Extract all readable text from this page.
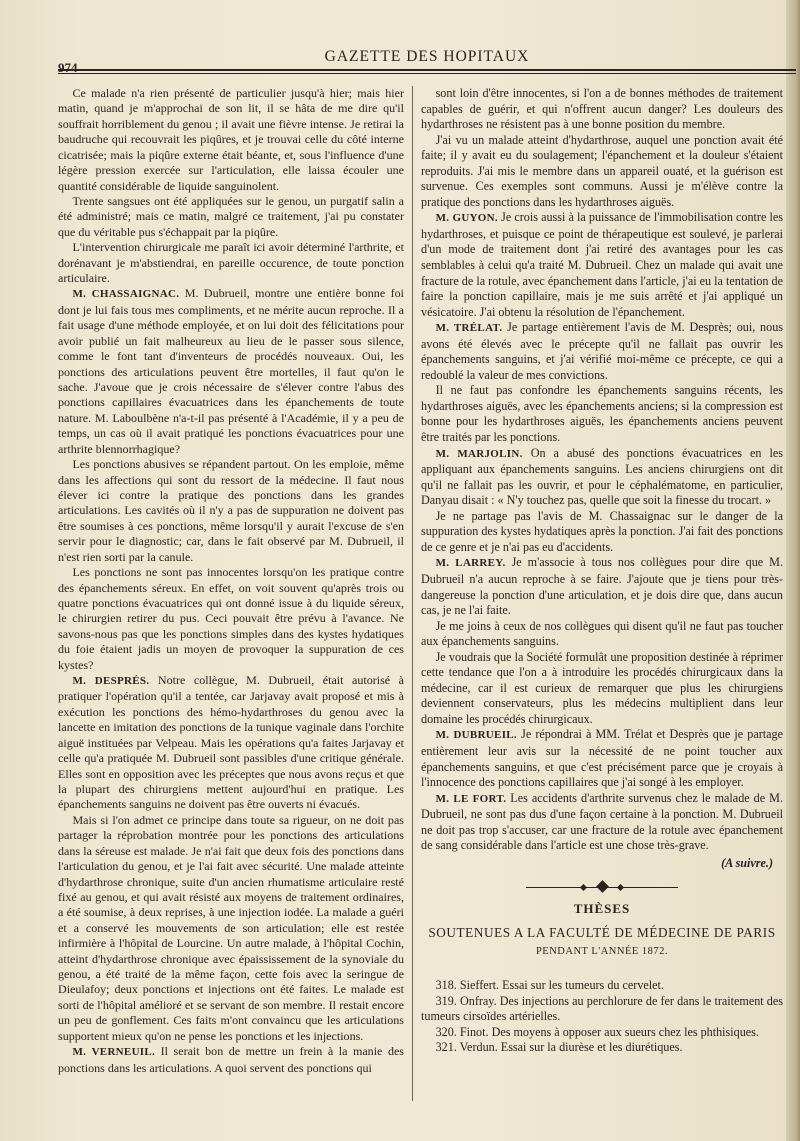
974
GAZETTE DES HOPITAUX

Ce malade n'a rien présenté de particulier jusqu'à hier; mais hier matin, quand je m'approchai de son lit, il se hâta de me dire qu'il souffrait horriblement du genou ; il avait une fièvre intense. Je retirai la baudruche qui recouvrait les piqûres, et je trouvai celle du côté interne cicatrisée; mais la piqûre externe était béante, et, sous l'influence d'une légère pression exercée sur l'articulation, elle laissa écouler une quantité considérable de liquide sanguinolent.

Trente sangsues ont été appliquées sur le genou, un purgatif salin a été administré; mais ce matin, malgré ce traitement, j'ai pu constater que du véritable pus s'échappait par la piqûre.

L'intervention chirurgicale me paraît ici avoir déterminé l'arthrite, et dorénavant je m'abstiendrai, en pareille occurence, de toute ponction articulaire.

M. CHASSAIGNAC. M. Dubrueil, montre une entière bonne foi dont je lui fais tous mes compliments, et ne mérite aucun reproche. Il a fait usage d'une méthode employée, et on lui doit des félicitations pour avoir publié un fait malheureux au lieu de le passer sous silence, comme le font tant d'inventeurs de procédés nouveaux. Oui, les ponctions des articulations peuvent être mortelles, il faut qu'on le sache. J'avoue que je crois nécessaire de s'élever contre l'abus des ponctions capillaires évacuatrices dans les épanchements de toute nature. M. Laboulbène n'a-t-il pas présenté à l'Académie, il y a peu de temps, un cas où il avait pratiqué les ponctions évacuatrices pour une arthrite blennorrhagique?

Les ponctions abusives se répandent partout. On les emploie, même dans les affections qui sont du ressort de la médecine. Il faut nous élever ici contre la pratique des ponctions dans les grandes articulations. Les cavités où il n'y a pas de suppuration ne doivent pas être soumises à ces ponctions, même lorsqu'il y aurait l'excuse de s'en servir pour le diagnostic; car, dans le fait observé par M. Dubrueil, il n'est rien sorti par la canule.

Les ponctions ne sont pas innocentes lorsqu'on les pratique contre des épanchements séreux. En effet, on voit souvent qu'après trois ou quatre ponctions évacuatrices qui ont donné issue à du liquide séreux, le chirurgien retirer du pus. Ceci pouvait être prévu à l'avance. Ne savons-nous pas que les ponctions simples dans des kystes hydatiques du foie étaient jadis un moyen de provoquer la suppuration de ces kystes?

M. DESPRÉS. Notre collègue, M. Dubrueil, était autorisé à pratiquer l'opération qu'il a tentée, car Jarjavay avait proposé et mis à exécution les ponctions des hémo-hydarthroses du genou avec la lancette en imitation des ponctions de la tunique vaginale dans l'orchite aiguë instituées par Velpeau. Mais les opérations qu'a faites Jarjavay et celle qu'a pratiquée M. Dubrueil sont passibles d'une critique générale. Elles sont en opposition avec les préceptes que nous avons reçus et que la plupart des chirurgiens mettent aujourd'hui en pratique. Les épanchements sanguins ne doivent pas être ouverts ni évacués.

Mais si l'on admet ce principe dans toute sa rigueur, on ne doit pas partager la réprobation montrée pour les ponctions des articulations dans la séreuse est malade. Je n'ai fait que deux fois des ponctions dans l'articulation du genou, et je l'ai fait avec sécurité. Une malade atteinte d'hydarthrose chronique, suite d'un ancien rhumatisme articulaire resté fixé au genou, et qui avait résisté aux moyens de traitement ordinaires, a été soumise, à deux reprises, à une injection iodée. La malade a guéri et a conservé les mouvements de son articulation; elle est restée infirmière à l'hôpital de Lourcine. Un autre malade, à l'hôpital Cochin, atteint d'hydarthrose chronique avec épaississement de la synoviale du genou, a été traité de la même façon, cette fois avec la seringue de Dieulafoy; deux ponctions et injections ont été faites. Le malade est sorti de l'hôpital amélioré et se servant de son membre. Il restait encore un peu de gonflement. Ces faits m'ont convaincu que les articulations supportent mieux qu'on ne pense les ponctions et les injections.

M. VERNEUIL. Il serait bon de mettre un frein à la manie des ponctions dans les articulations. A quoi servent des ponctions qui

sont loin d'être innocentes, si l'on a de bonnes méthodes de traitement capables de guérir, et qui n'offrent aucun danger? Les douleurs des hydarthroses ne résistent pas à une bonne position du membre.

J'ai vu un malade atteint d'hydarthrose, auquel une ponction avait été faite; il y avait eu du soulagement; l'épanchement et la douleur s'étaient reproduits. J'ai mis le membre dans un appareil ouaté, et la guérison est survenue. Ces exemples sont communs. Aussi je m'élève contre la pratique des ponctions dans les hydarthroses aiguës.

M. GUYON. Je crois aussi à la puissance de l'immobilisation contre les hydarthroses, et puisque ce point de thérapeutique est soulevé, je parlerai d'un mode de traitement dont j'ai retiré des avantages pour les cas semblables à celui qu'a traité M. Dubrueil. Chez un malade qui avait une fracture de la rotule, avec épanchement dans l'article, j'ai eu la tentation de faire la ponction capillaire, mais je me suis arrêté et j'ai appliqué un vésicatoire. J'ai obtenu la résolution de l'épanchement.

M. TRÉLAT. Je partage entièrement l'avis de M. Desprès; oui, nous avons été élevés avec le précepte qu'il ne fallait pas ouvrir les épanchements sanguins, et j'ai vérifié moi-même ce précepte, ce qui a redoublé la valeur de mes convictions.

Il ne faut pas confondre les épanchements sanguins récents, les hydarthroses aiguës, avec les épanchements anciens; si la compression est bonne pour les hydarthroses aiguës, les épanchements anciens peuvent être traités par les ponctions.

M. MARJOLIN. On a abusé des ponctions évacuatrices en les appliquant aux épanchements sanguins. Les anciens chirurgiens ont dit qu'il ne fallait pas les ouvrir, et pour le céphalématome, en particulier, Danyau disait : « N'y touchez pas, quelle que soit la finesse du trocart. »

Je ne partage pas l'avis de M. Chassaignac sur le danger de la suppuration des kystes hydatiques après la ponction. J'ai fait des ponctions de ce genre et je n'ai pas eu d'accidents.

M. LARREY. Je m'associe à tous nos collègues pour dire que M. Dubrueil n'a aucun reproche à se faire. J'ajoute que je tiens pour très-dangereuse la ponction d'une articulation, et je dois dire que, dans aucun cas, je ne l'ai faite.

Je me joins à ceux de nos collègues qui disent qu'il ne faut pas toucher aux épanchements sanguins.

Je voudrais que la Société formulât une proposition destinée à réprimer cette tendance que l'on a à introduire les procédés chirurgicaux dans la médecine, car il est curieux de remarquer que plus les chirurgiens deviennent conservateurs, plus les médecins multiplient dans leur domaine les procédés chirurgicaux.

M. DUBRUEIL. Je répondrai à MM. Trélat et Desprès que je partage entièrement leur avis sur la nécessité de ne point toucher aux épanchements sanguins, et que c'est précisément parce que je croyais à l'innocence des ponctions capillaires que j'ai songé à les employer.

M. LE FORT. Les accidents d'arthrite survenus chez le malade de M. Dubrueil, ne sont pas dus d'une façon certaine à la ponction. M. Dubrueil ne doit pas trop s'accuser, car une fracture de la rotule avec épanchement de sang considérable dans l'article est une chose très-grave.

(A suivre.)
THÈSES
SOUTENUES A LA FACULTÉ DE MÉDECINE DE PARIS
PENDANT L'ANNÉE 1872.

318. Sieffert. Essai sur les tumeurs du cervelet.

319. Onfray. Des injections au perchlorure de fer dans le traitement des tumeurs cirsoïdes artérielles.

320. Finot. Des moyens à opposer aux sueurs chez les phthisiques.

321. Verdun. Essai sur la diurèse et les diurétiques.
